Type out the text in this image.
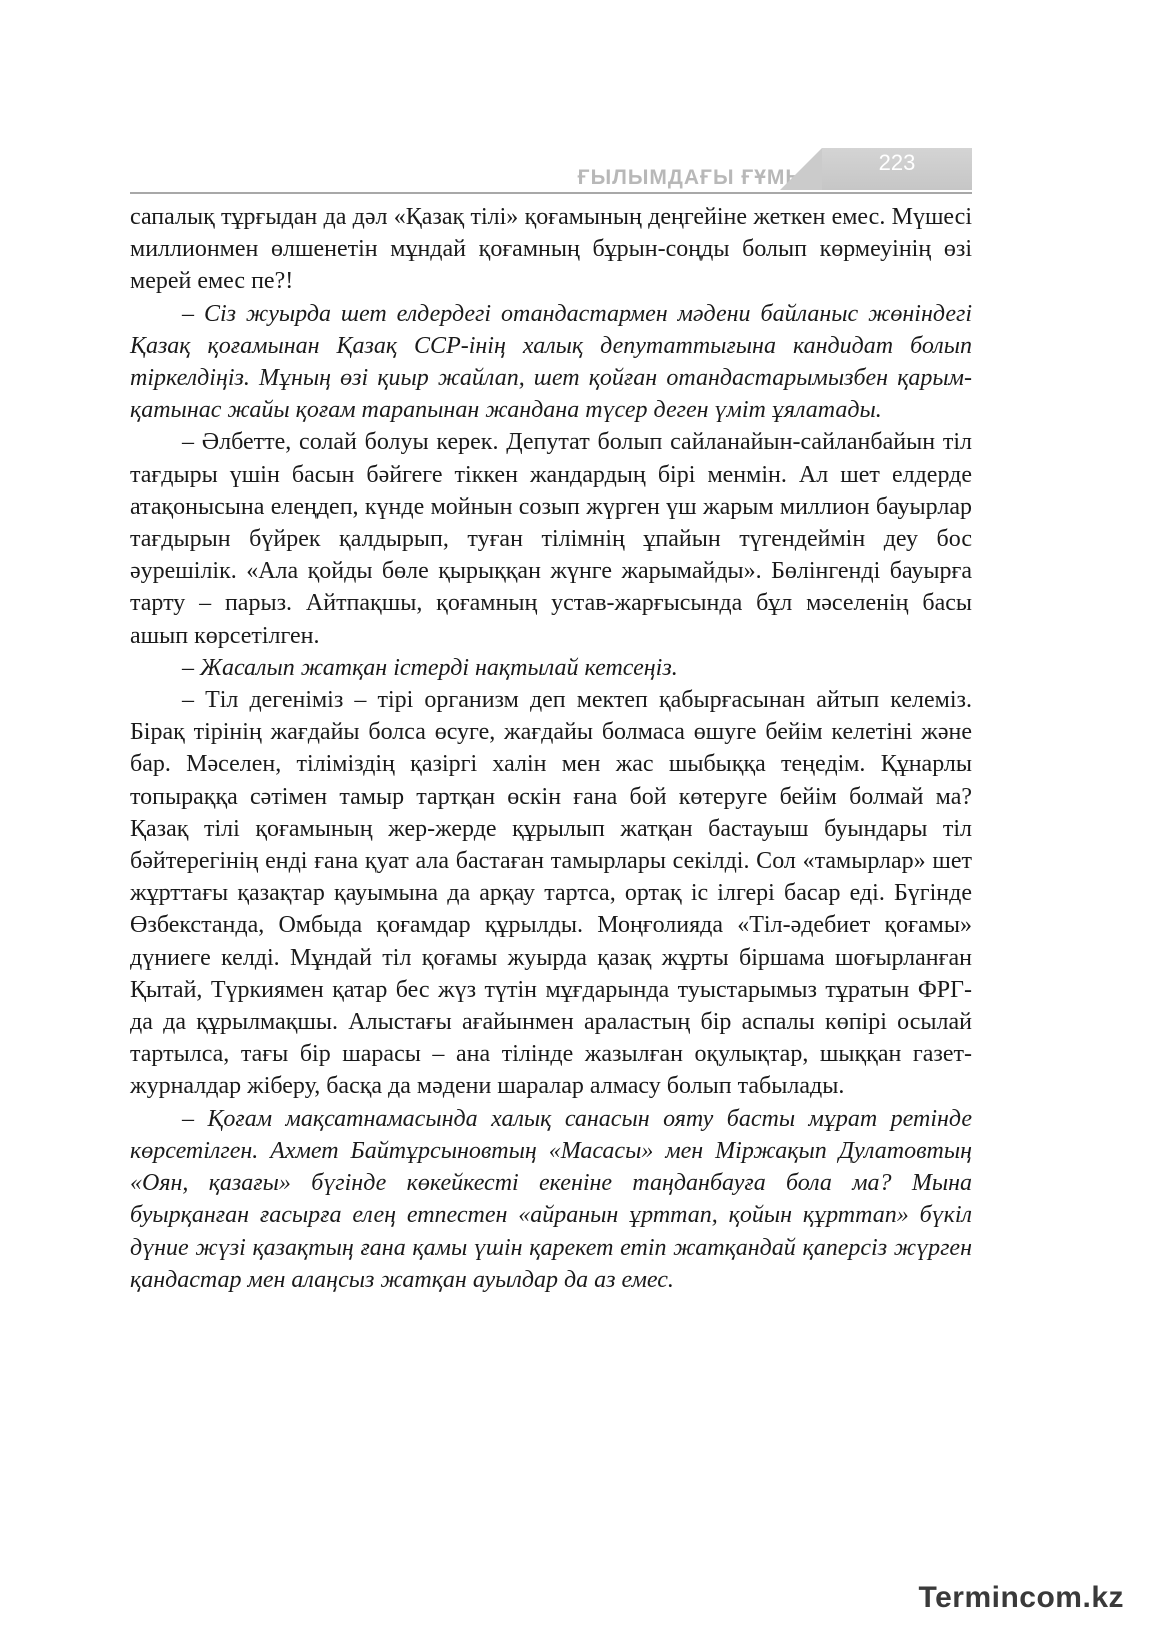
ҒЫЛЫМДАҒЫ ҒҰМЫР
223

сапалық тұрғыдан да дәл «Қазақ тілі» қоғамының деңгейіне жеткен емес. Мүшесі миллионмен өлшенетін мұндай қоғамның бұрын-соңды болып көрмеуінің өзі мерей емес пе?!

– Сіз жуырда шет елдердегі отандастармен мәдени байланыс жөніндегі Қазақ қоғамынан Қазақ ССР-інің халық депутаттығына кандидат болып тіркелдіңіз. Мұның өзі қиыр жайлап, шет қойған отандастарымызбен қарым-қатынас жайы қоғам тарапынан жандана түсер деген үміт ұялатады.

– Әлбетте, солай болуы керек. Депутат болып сайланайын-сайланбайын тіл тағдыры үшін басын бәйгеге тіккен жандардың бірі менмін. Ал шет елдерде атақонысына елеңдеп, күнде мойнын созып жүрген үш жарым миллион бауырлар тағдырын бүйрек қалдырып, туған тілімнің ұпайын түгендеймін деу бос әурешілік. «Ала қойды бөле қырыққан жүнге жарымайды». Бөлінгенді бауырға тарту – парыз. Айтпақшы, қоғамның устав-жарғысында бұл мәселенің басы ашып көрсетілген.

– Жасалып жатқан істерді нақтылай кетсеңіз.

– Тіл дегеніміз – тірі организм деп мектеп қабырғасынан айтып келеміз. Бірақ тірінің жағдайы болса өсуге, жағдайы болмаса өшуге бейім келетіні және бар. Мәселен, тіліміздің қазіргі халін мен жас шыбыққа теңедім. Құнарлы топыраққа сәтімен тамыр тартқан өскін ғана бой көтеруге бейім болмай ма? Қазақ тілі қоғамының жер-жерде құрылып жатқан бастауыш буындары тіл бәйтерегінің енді ғана қуат ала бастаған тамырлары секілді. Сол «тамырлар» шет жұрттағы қазақтар қауымына да арқау тартса, ортақ іс ілгері басар еді. Бүгінде Өзбекстанда, Омбыда қоғамдар құрылды. Моңғолияда «Тіл-әдебиет қоғамы» дүниеге келді. Мұндай тіл қоғамы жуырда қазақ жұрты біршама шоғырланған Қытай, Түркиямен қатар бес жүз түтін мұғдарында туыстарымыз тұратын ФРГ-да да құрылмақшы. Алыстағы ағайынмен араластың бір аспалы көпірі осылай тартылса, тағы бір шарасы – ана тілінде жазылған оқулықтар, шыққан газет-журналдар жіберу, басқа да мәдени шаралар алмасу болып табылады.

– Қоғам мақсатнамасында халық санасын ояту басты мұрат ретінде көрсетілген. Ахмет Байтұрсыновтың «Масасы» мен Міржақып Дулатовтың «Оян, қазағы» бүгінде көкейкесті екеніне таңданбауға бола ма? Мына буырқанған ғасырға елең етпестен «айранын ұрттап, қойын құрттап» бүкіл дүние жүзі қазақтың ғана қамы үшін қарекет етіп жатқандай қаперсіз жүрген қандастар мен алаңсыз жатқан ауылдар да аз емес.

Termincom.kz
